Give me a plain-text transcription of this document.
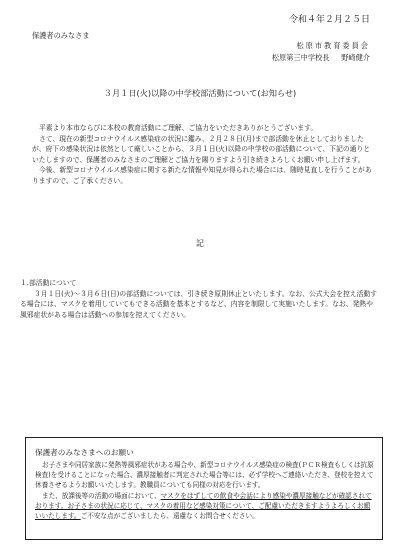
令和４年２月２５日
保護者のみなさま
松原市教育委員会
松原第三中学校長 　 野崎健介
３月１日(火)以降の中学校部活動について(お知らせ)

平素より本市ならびに本校の教育活動にご理解、ご協力をいただきありがとうございます。

さて、現在の新型コロナウイルス感染症の状況に鑑み、２月２８日(月)まで部活動を休止としておりましたが、府下の感染状況は依然として厳しいことから、３月１日(火)以降の中学校の部活動について、下記の通りといたしますので、保護者のみなさまのご理解とご協力を賜りますよう引き続きよろしくお願い申し上げます。

今後、新型コロナウイルス感染症に関する新たな情報や知見が得られた場合には、随時見直しを行うことがありますので、ご了承ください。

記

１.部活動について

３月１日(火)～３月６日(日)の部活動については、引き続き原則休止といたします。なお、公式大会を控え活動する場合には、マスクを着用していてもできる活動を基本とするなど、内容を制限して実施いたします。なお、発熱や風邪症状がある場合は活動への参加を控えてください。

保護者のみなさまへのお願い

お子さまや同居家族に発熱等風邪症状がある場合や、新型コロナウイルス感染症の検査(ＰＣＲ検査もしくは抗原検査)を受けることになった場合、濃厚接触者に判定された場合等には、必ず学校へご連絡いただき、登校を控えて休養させるようお願いいたします。教職員についても同様の対応を行います。

また、放課後等の活動の場面において、マスクをはずしての飲食や会話により感染や濃厚接触などが確認されております。お子さまの状況に応じて、マスクの着用など感染対策について、ご配慮いただきますようよろしくお願いいたします。ご不安な点がございましたら、遠慮なくお問合せください。
